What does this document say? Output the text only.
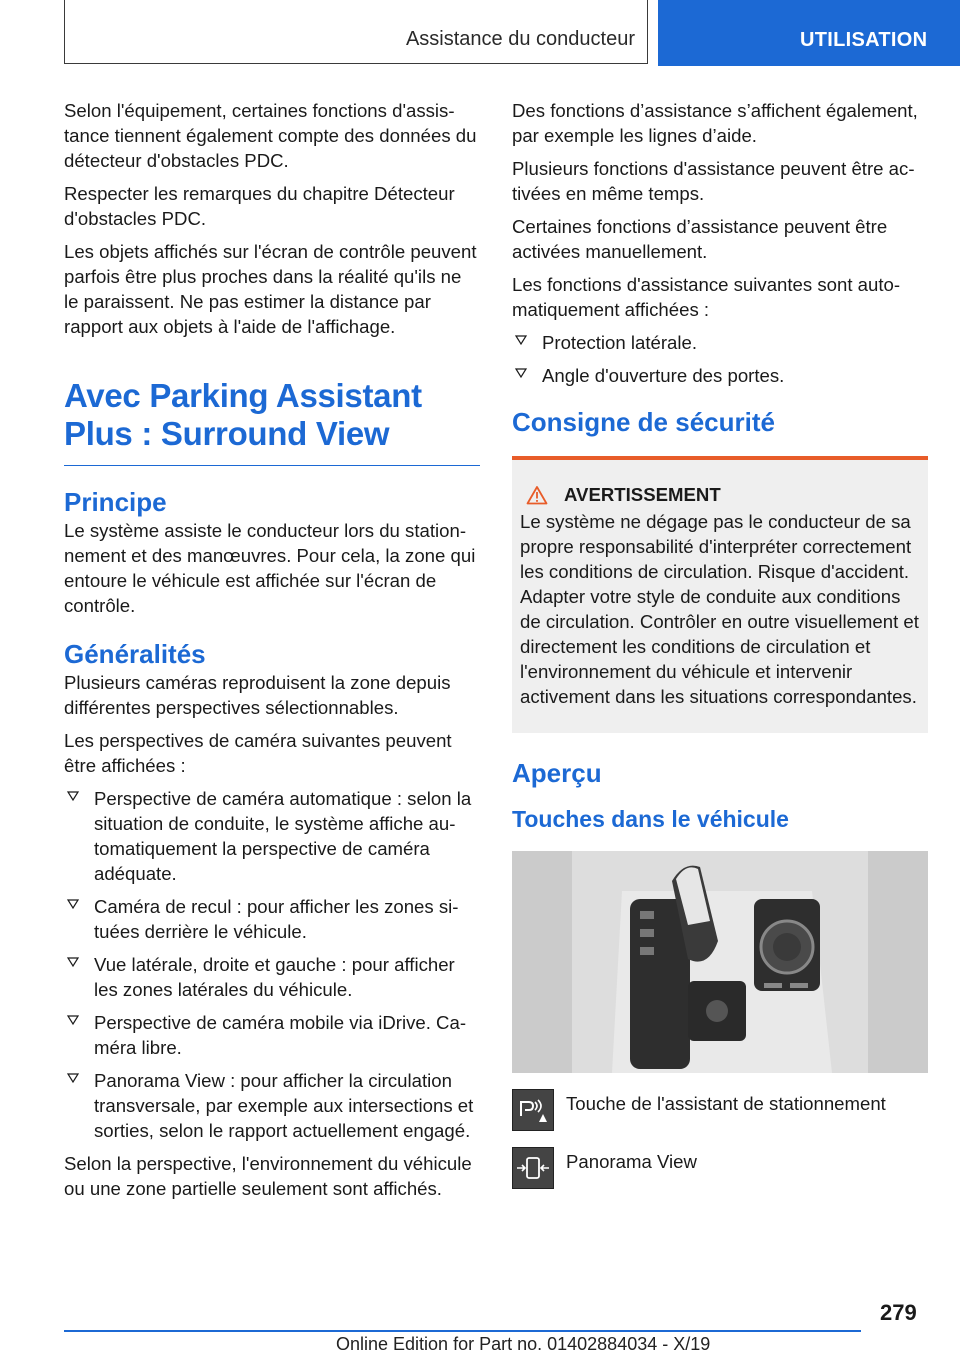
Assistance du conducteur	UTILISATION

Selon l'équipement, certaines fonctions d'assistance tiennent également compte des données du détecteur d'obstacles PDC.

Respecter les remarques du chapitre Détecteur d'obstacles PDC.

Les objets affichés sur l'écran de contrôle peuvent parfois être plus proches dans la réalité qu'ils ne le paraissent. Ne pas estimer la distance par rapport aux objets à l'aide de l'affichage.

Avec Parking Assistant Plus : Surround View
Principe

Le système assiste le conducteur lors du stationnement et des manœuvres. Pour cela, la zone qui entoure le véhicule est affichée sur l'écran de contrôle.

Généralités

Plusieurs caméras reproduisent la zone depuis différentes perspectives sélectionnables.

Les perspectives de caméra suivantes peuvent être affichées :

Perspective de caméra automatique : selon la situation de conduite, le système affiche automatiquement la perspective de caméra adéquate.
Caméra de recul : pour afficher les zones situées derrière le véhicule.
Vue latérale, droite et gauche : pour afficher les zones latérales du véhicule.
Perspective de caméra mobile via iDrive. Caméra libre.
Panorama View : pour afficher la circulation transversale, par exemple aux intersections et sorties, selon le rapport actuellement engagé.

Selon la perspective, l'environnement du véhicule ou une zone partielle seulement sont affichés.

Des fonctions d’assistance s’affichent également, par exemple les lignes d’aide.

Plusieurs fonctions d'assistance peuvent être activées en même temps.

Certaines fonctions d’assistance peuvent être activées manuellement.

Les fonctions d'assistance suivantes sont automatiquement affichées :

Protection latérale.
Angle d'ouverture des portes.
Consigne de sécurité
AVERTISSEMENT

Le système ne dégage pas le conducteur de sa propre responsabilité d'interpréter correctement les conditions de circulation. Risque d'accident. Adapter votre style de conduite aux conditions de circulation. Contrôler en outre visuellement et directement les conditions de circulation et l'environnement du véhicule et intervenir activement dans les situations correspondantes.

Aperçu
Touches dans le véhicule
Touche de l'assistant de stationnement
Panorama View
279
Online Edition for Part no. 01402884034 - X/19
